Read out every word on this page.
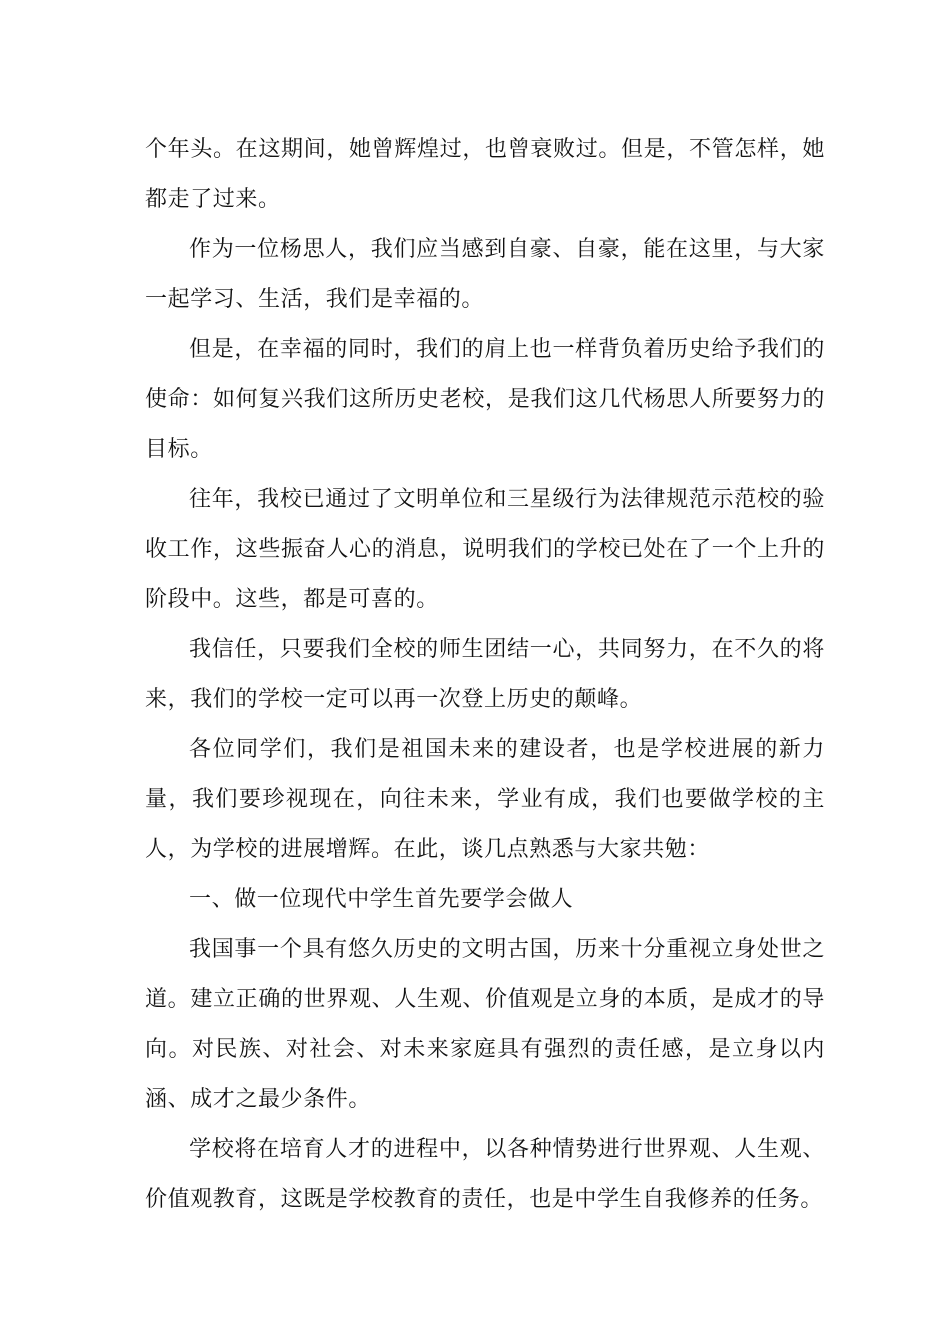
个年头。在这期间，她曾辉煌过，也曾衰败过。但是，不管怎样，她都走了过来。

作为一位杨思人，我们应当感到自豪、自豪，能在这里，与大家一起学习、生活，我们是幸福的。

但是，在幸福的同时，我们的肩上也一样背负着历史给予我们的使命：如何复兴我们这所历史老校，是我们这几代杨思人所要努力的目标。

往年，我校已通过了文明单位和三星级行为法律规范示范校的验收工作，这些振奋人心的消息，说明我们的学校已处在了一个上升的阶段中。这些，都是可喜的。

我信任，只要我们全校的师生团结一心，共同努力，在不久的将来，我们的学校一定可以再一次登上历史的颠峰。

各位同学们，我们是祖国未来的建设者，也是学校进展的新力量，我们要珍视现在，向往未来，学业有成，我们也要做学校的主人，为学校的进展增辉。在此，谈几点熟悉与大家共勉：

一、做一位现代中学生首先要学会做人

我国事一个具有悠久历史的文明古国，历来十分重视立身处世之道。建立正确的世界观、人生观、价值观是立身的本质，是成才的导向。对民族、对社会、对未来家庭具有强烈的责任感，是立身以内涵、成才之最少条件。

学校将在培育人才的进程中，以各种情势进行世界观、人生观、价值观教育，这既是学校教育的责任，也是中学生自我修养的任务。
